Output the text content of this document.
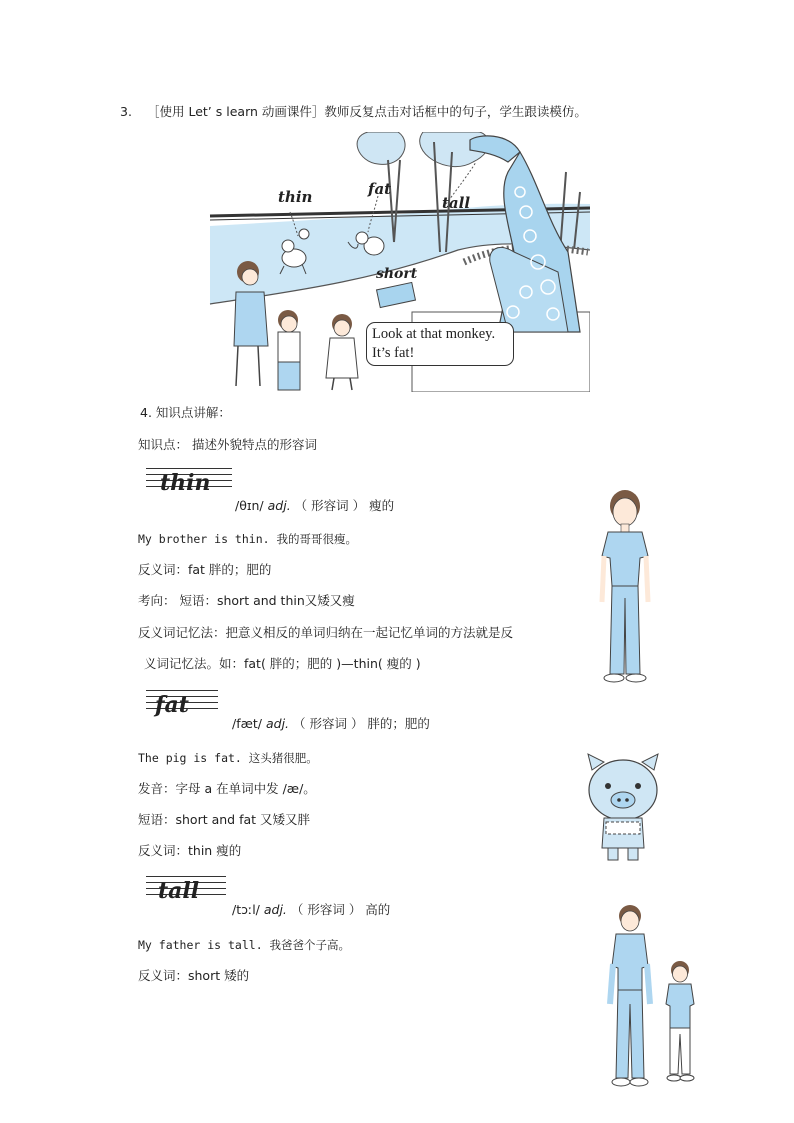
3. ［使用 Let’ s learn 动画课件］教师反复点击对话框中的句子，学生跟读模仿。
thin	fat
tall
short
Look at that monkey.
It’s fat!
4. 知识点讲解：
知识点： 描述外貌特点的形容词
thin
/θɪn/ adj. （ 形容词 ） 瘦的
My brother is thin. 我的哥哥很瘦。
反义词：fat 胖的；肥的
考向： 短语：short and thin又矮又瘦
反义词记忆法：把意义相反的单词归纳在一起记忆单词的方法就是反
义词记忆法。如：fat( 胖的；肥的 )—thin( 瘦的 )
fat
/fæt/ adj. （ 形容词 ） 胖的；肥的
The pig is fat. 这头猪很肥。
发音：字母 a 在单词中发 /æ/。
短语：short and fat 又矮又胖
反义词：thin 瘦的
tall
/tɔːl/ adj. （ 形容词 ） 高的
My father is tall. 我爸爸个子高。
反义词：short 矮的
